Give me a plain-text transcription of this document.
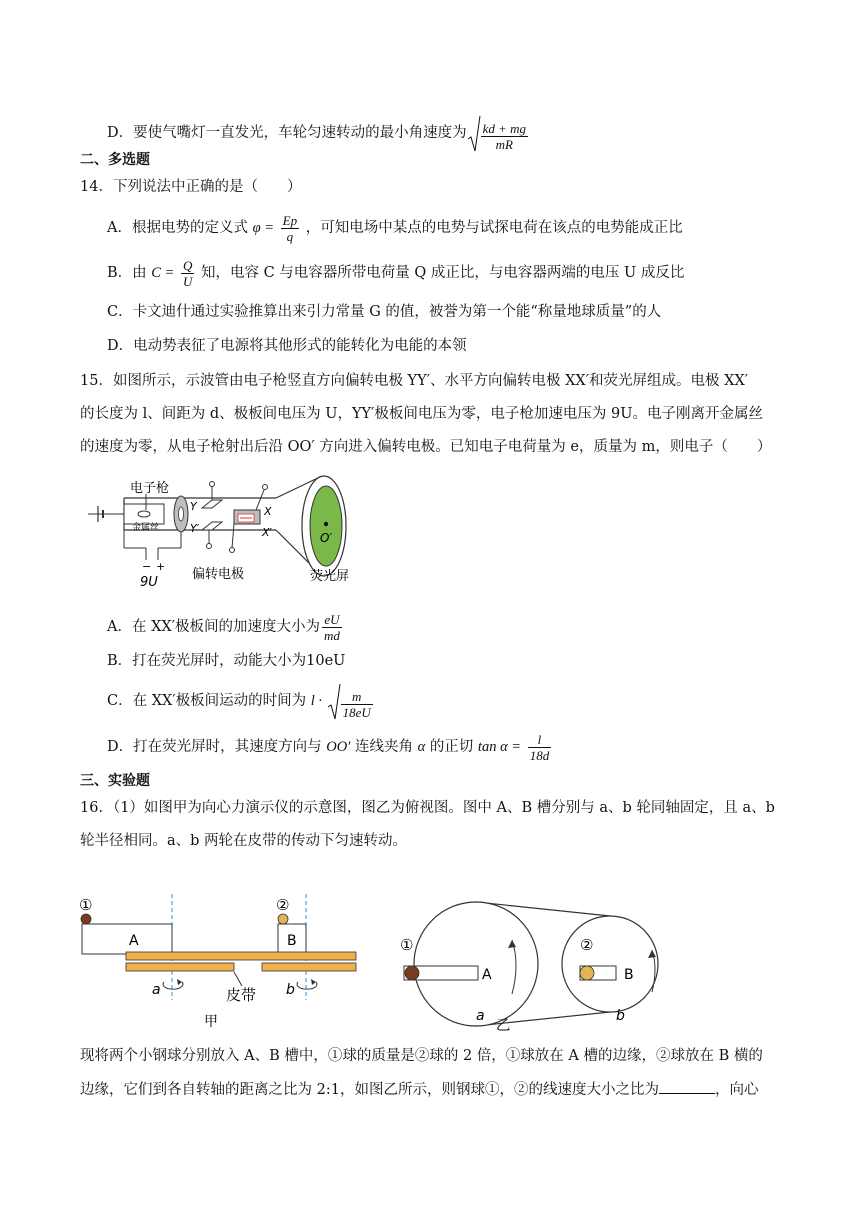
D．要使气嘴灯一直发光，车轮匀速转动的最小角速度为 $\frac{kd + mg}{mR}$
二、多选题
14．下列说法中正确的是（　　）
A．根据电势的定义式 $\varphi = \frac{Ep}{q}$ ，可知电场中某点的电势与试探电荷在该点的电势能成正比
B．由 $C = \frac{Q}{U}$ 知，电容 C 与电容器所带电荷量 Q 成正比，与电容器两端的电压 U 成反比
C．卡文迪什通过实验推算出来引力常量 G 的值，被誉为第一个能“称量地球质量”的人
D．电动势表征了电源将其他形式的能转化为电能的本领
15．如图所示，示波管由电子枪竖直方向偏转电极 YY′、水平方向偏转电极 XX′和荧光屏组成。电极 XX′
的长度为 l、间距为 d、极板间电压为 U，YY′极板间电压为零，电子枪加速电压为 9U。电子刚离开金属丝
的速度为零，从电子枪射出后沿 OO′ 方向进入偏转电极。已知电子电荷量为 e，质量为 m，则电子（　　）
O′
金属丝
电子枪
− +
9U
Y
Y′
X
X′
偏转电极	荧光屏
A．在 XX′极板间的加速度大小为 $\frac{eU}{md}$
B．打在荧光屏时，动能大小为10eU
C．在 XX′极板间运动的时间为 $l \cdot \frac{m}{18eU}$
D．打在荧光屏时，其速度方向与 OO′ 连线夹角 α 的正切 $\tan \alpha = \frac{l}{18d}$
三、实验题
16．（1）如图甲为向心力演示仪的示意图，图乙为俯视图。图中 A、B 槽分别与 a、b 轮同轴固定，且 a、b
轮半径相同。a、b 两轮在皮带的传动下匀速转动。
①
A
②
B
皮带
a	b
甲
①
A
a
②
B
b
乙
现将两个小钢球分别放入 A、B 槽中，①球的质量是②球的 2 倍，①球放在 A 槽的边缘，②球放在 B 横的
边缘，它们到各自转轴的距离之比为 2:1，如图乙所示，则钢球①，②的线速度大小之比为	，向心
